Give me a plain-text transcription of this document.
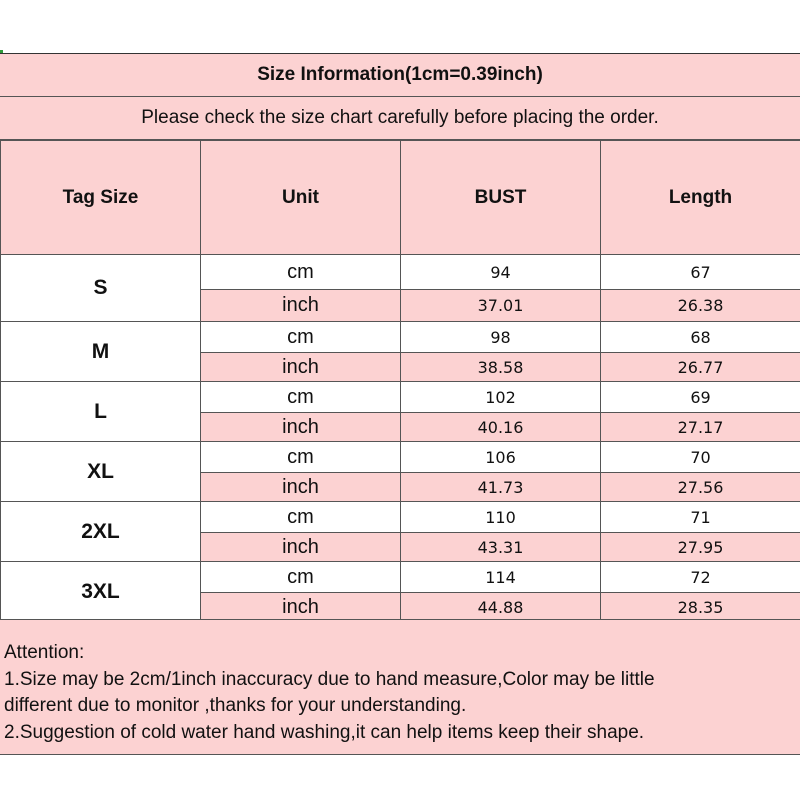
Size Information(1cm=0.39inch)
Please check the size chart carefully before placing the order.
Tag Size	Unit	BUST	Length
S	cm	94	67
	inch	37.01	26.38
M	cm	98	68
	inch	38.58	26.77
L	cm	102	69
	inch	40.16	27.17
XL	cm	106	70
	inch	41.73	27.56
2XL	cm	110	71
	inch	43.31	27.95
3XL	cm	114	72
	inch	44.88	28.35
Attention:
1.Size may be 2cm/1inch inaccuracy due to hand measure,Color may be little
different due to monitor ,thanks for your understanding.
2.Suggestion of cold water hand washing,it can help items keep their shape.
